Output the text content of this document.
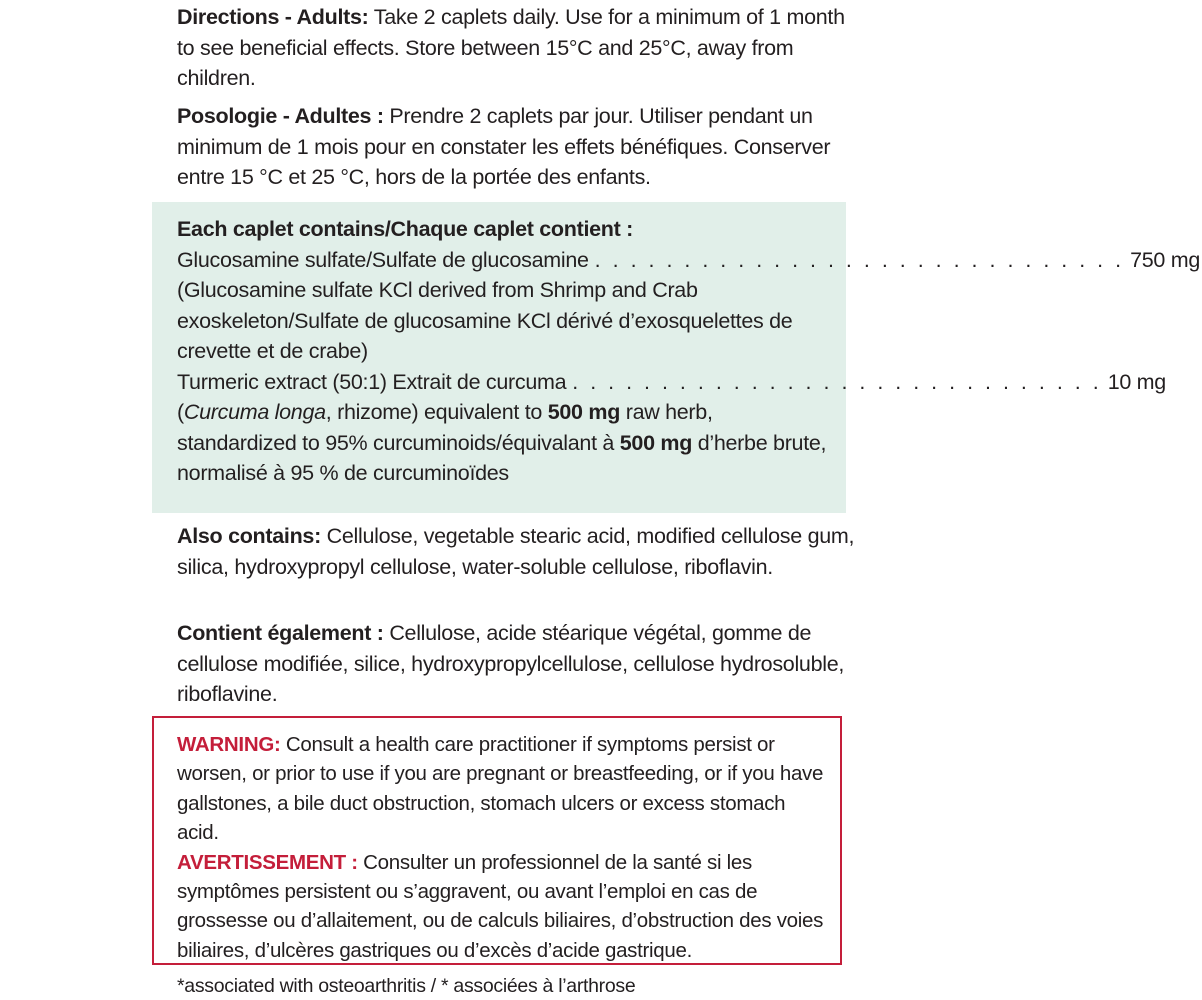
Directions - Adults: Take 2 caplets daily. Use for a minimum of 1 month to see beneficial effects. Store between 15°C and 25°C, away from children.

Posologie - Adultes : Prendre 2 caplets par jour. Utiliser pendant un minimum de 1 mois pour en constater les effets bénéfiques. Conserver entre 15 °C et 25 °C, hors de la portée des enfants.

Each caplet contains/Chaque caplet contient :

Glucosamine sulfate/Sulfate de glucosamine . . . . . . . . . . . . . . . . . . . . . . . . . . . . . . 750 mg

(Glucosamine sulfate KCl derived from Shrimp and Crab exoskeleton/Sulfate de glucosamine KCl dérivé d’exosquelettes de crevette et de crabe)

Turmeric extract (50:1) Extrait de curcuma . . . . . . . . . . . . . . . . . . . . . . . . . . . . . . 10 mg

(Curcuma longa, rhizome) equivalent to 500 mg raw herb, standardized to 95% curcuminoids/équivalant à 500 mg d’herbe brute, normalisé à 95 % de curcuminoïdes

Also contains: Cellulose, vegetable stearic acid, modified cellulose gum, silica, hydroxypropyl cellulose, water-soluble cellulose, riboflavin.

Contient également : Cellulose, acide stéarique végétal, gomme de cellulose modifiée, silice, hydroxypropylcellulose, cellulose hydrosoluble, riboflavine.

WARNING: Consult a health care practitioner if symptoms persist or worsen, or prior to use if you are pregnant or breastfeeding, or if you have gallstones, a bile duct obstruction, stomach ulcers or excess stomach acid.

AVERTISSEMENT : Consulter un professionnel de la santé si les symptômes persistent ou s’aggravent, ou avant l’emploi en cas de grossesse ou d’allaitement, ou de calculs biliaires, d’obstruction des voies biliaires, d’ulcères gastriques ou d’excès d’acide gastrique.

*associated with osteoarthritis / * associées à l’arthrose
